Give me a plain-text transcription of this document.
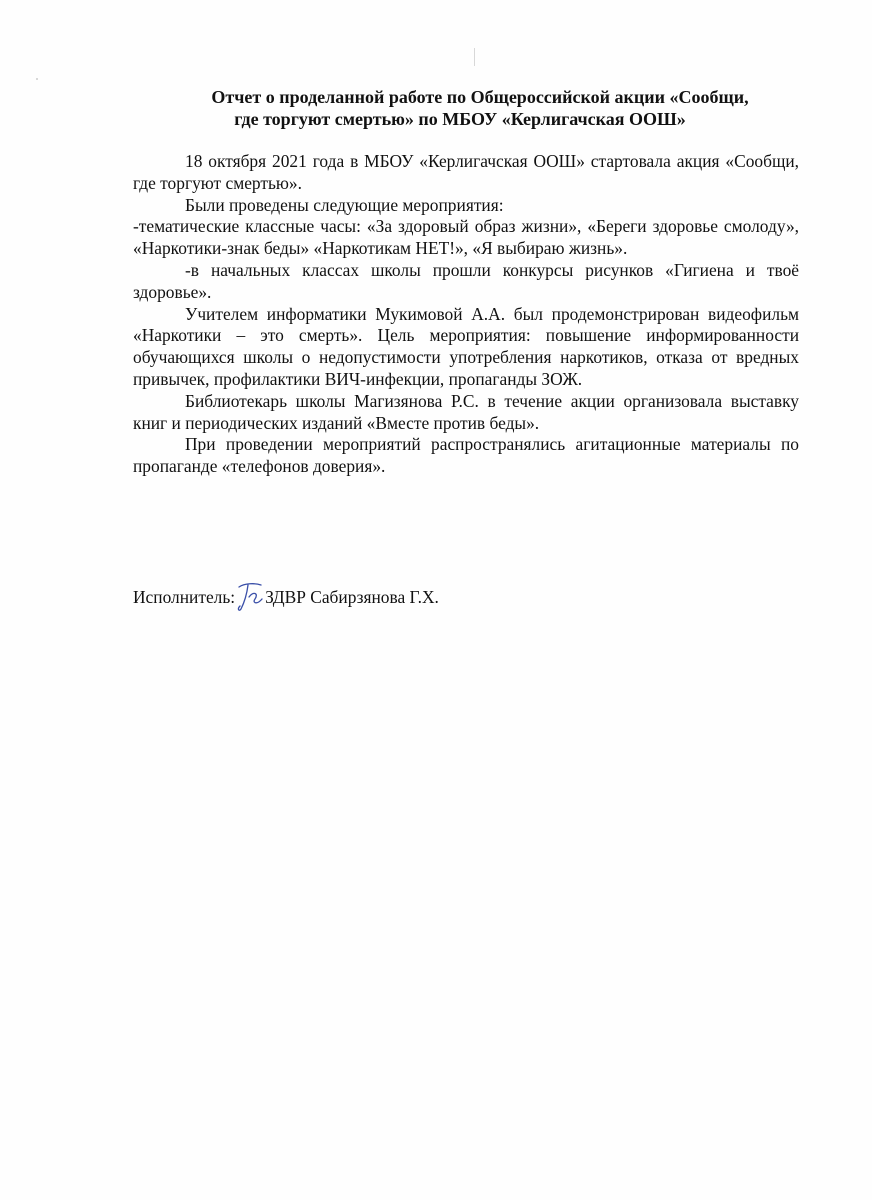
Отчет о проделанной работе по Общероссийской акции «Сообщи,
где торгуют смертью» по МБОУ «Керлигачская ООШ»

18 октября 2021 года в МБОУ «Керлигачская ООШ» стартовала акция «Сообщи, где торгуют смертью».

Были проведены следующие мероприятия:

-тематические классные часы: «За здоровый образ жизни», «Береги здоровье смолоду», «Наркотики-знак беды» «Наркотикам НЕТ!», «Я выбираю жизнь».

-в начальных классах школы прошли конкурсы рисунков «Гигиена и твоё здоровье».

Учителем информатики Мукимовой А.А. был продемонстрирован видеофильм «Наркотики – это смерть». Цель мероприятия: повышение информированности обучающихся школы о недопустимости употребления наркотиков, отказа от вредных привычек, профилактики ВИЧ-инфекции, пропаганды ЗОЖ.

Библиотекарь школы Магизянова Р.С. в течение акции организовала выставку книг и периодических изданий «Вместе против беды».

При проведении мероприятий распространялись агитационные материалы по пропаганде «телефонов доверия».

Исполнитель: ЗДВР Сабирзянова Г.Х.
